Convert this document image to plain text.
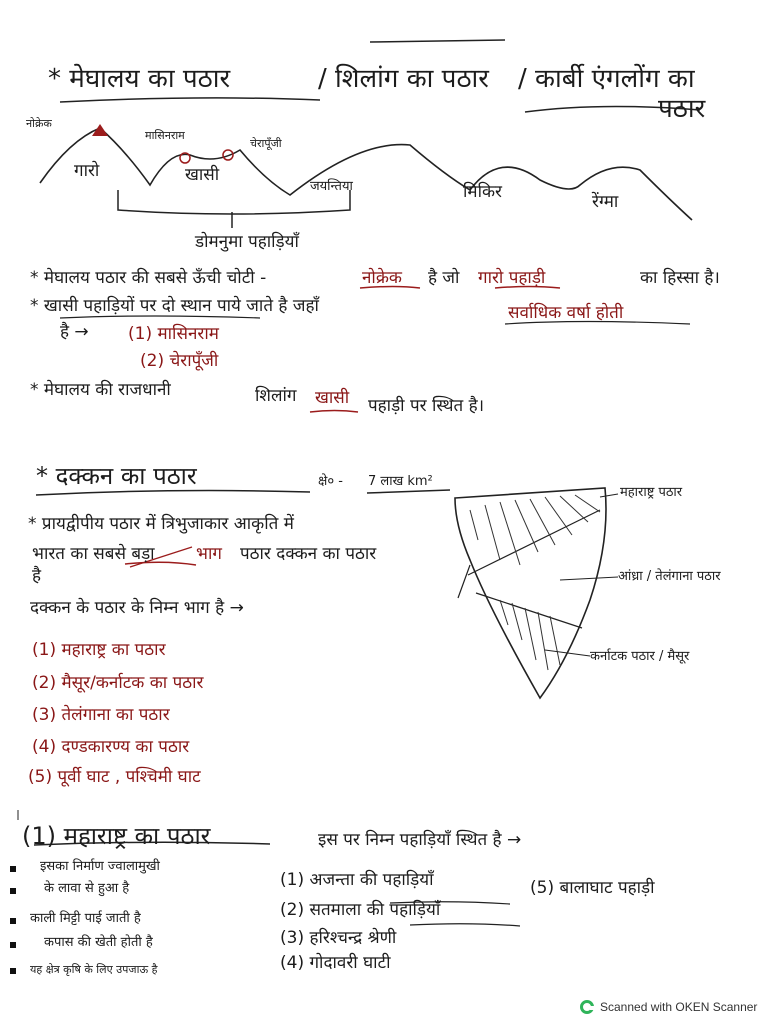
* मेघालय का पठार	/ शिलांग का पठार / कार्बी एंगलोंग का
पठार
नोक्रेक
मासिनराम
चेरापूँजी
गारो	खासी
जयन्तिया	मिकिर	रेंग्मा
डोमनुमा पहाड़ियाँ
* मेघालय पठार की सबसे ऊँची चोटी -	नोक्रेक है जो गारो पहाड़ी	का हिस्सा है।
* खासी पहाड़ियों पर दो स्थान पाये जाते है जहाँ	सर्वाधिक वर्षा होती
है → (1) मासिनराम
(2) चेरापूँजी
* मेघालय की राजधानी	शिलांग खासी पहाड़ी पर स्थित है।
* दक्कन का पठार	क्षे० - 7 लाख km²
महाराष्ट्र पठार
आंध्रा / तेलंगाना पठार
कर्नाटक पठार / मैसूर
* प्रायद्वीपीय पठार में त्रिभुजाकार आकृति में
भारत का सबसे बड़ा भाग पठार दक्कन का पठार
है
दक्कन के पठार के निम्न भाग है →
(1) महाराष्ट्र का पठार
(2) मैसूर/कर्नाटक का पठार
(3) तेलंगाना का पठार
(4) दण्डकारण्य का पठार
(5) पूर्वी घाट , पश्चिमी घाट
(1) महाराष्ट्र का पठार	इस पर निम्न पहाड़ियाँ स्थित है →
इसका निर्माण ज्वालामुखी
के लावा से हुआ है
काली मिट्टी पाई जाती है
कपास की खेती होती है
यह क्षेत्र कृषि के लिए उपजाऊ है
(1) अजन्ता की पहाड़ियाँ
(2) सतमाला की पहाड़ियाँ
(3) हरिश्चन्द्र श्रेणी
(4) गोदावरी घाटी
(5) बालाघाट पहाड़ी
Scanned with OKEN Scanner
